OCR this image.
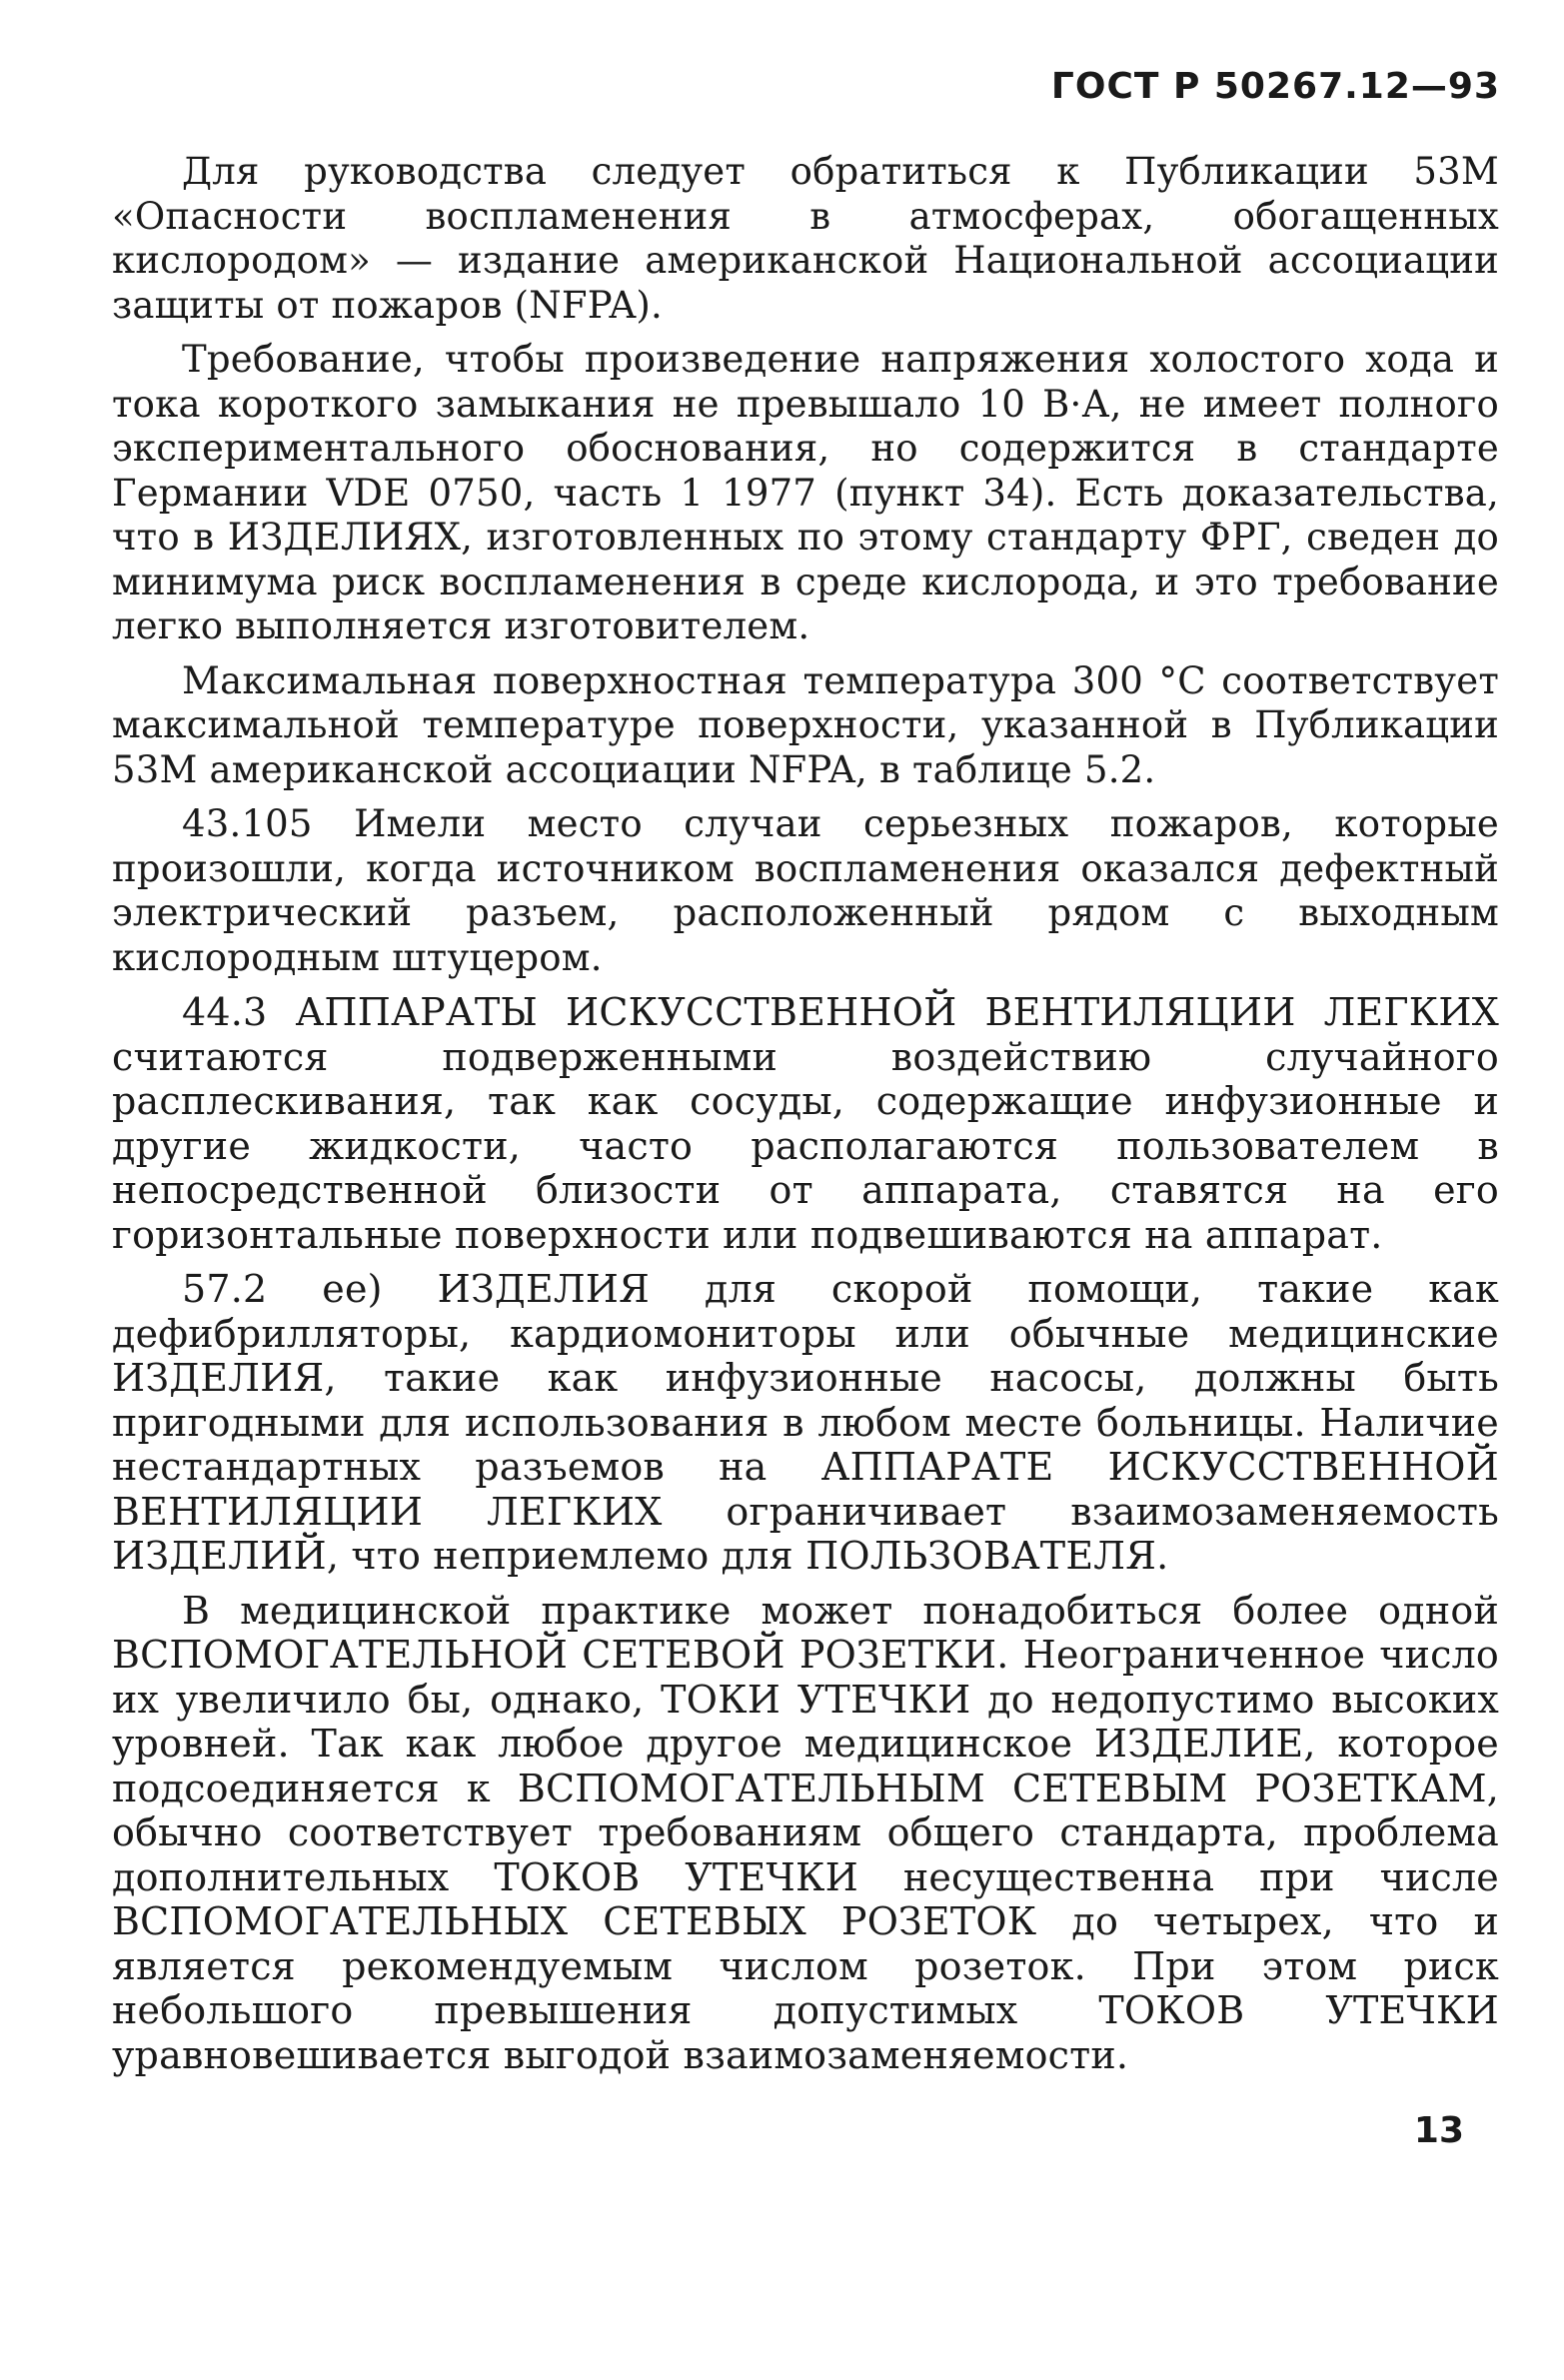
ГОСТ Р 50267.12—93

Для руководства следует обратиться к Публикации 53М «Опасности воспламенения в атмосферах, обогащенных кислородом» — издание американской Национальной ассоциации защиты от пожаров (NFPA).

Требование, чтобы произведение напряжения холостого хода и тока короткого замыкания не превышало 10 В·А, не имеет полного экспериментального обоснования, но содержится в стандарте Германии VDE 0750, часть 1 1977 (пункт 34). Есть доказательства, что в ИЗДЕЛИЯХ, изготовленных по этому стандарту ФРГ, сведен до минимума риск воспламенения в среде кислорода, и это требование легко выполняется изготовителем.

Максимальная поверхностная температура 300 °С соответствует максимальной температуре поверхности, указанной в Публикации 53М американской ассоциации NFPA, в таблице 5.2.

43.105 Имели место случаи серьезных пожаров, которые произошли, когда источником воспламенения оказался дефектный электрический разъем, расположенный рядом с выходным кислородным штуцером.

44.3 АППАРАТЫ ИСКУССТВЕННОЙ ВЕНТИЛЯЦИИ ЛЕГКИХ считаются подверженными воздействию случайного расплескивания, так как сосуды, содержащие инфузионные и другие жидкости, часто располагаются пользователем в непосредственной близости от аппарата, ставятся на его горизонтальные поверхности или подвешиваются на аппарат.

57.2 ее) ИЗДЕЛИЯ для скорой помощи, такие как дефибрилляторы, кардиомониторы или обычные медицинские ИЗДЕЛИЯ, такие как инфузионные насосы, должны быть пригодными для использования в любом месте больницы. Наличие нестандартных разъемов на АППАРАТЕ ИСКУССТВЕННОЙ ВЕНТИЛЯЦИИ ЛЕГКИХ ограничивает взаимозаменяемость ИЗДЕЛИЙ, что неприемлемо для ПОЛЬЗОВАТЕЛЯ.

В медицинской практике может понадобиться более одной ВСПОМОГАТЕЛЬНОЙ СЕТЕВОЙ РОЗЕТКИ. Неограниченное число их увеличило бы, однако, ТОКИ УТЕЧКИ до недопустимо высоких уровней. Так как любое другое медицинское ИЗДЕЛИЕ, которое подсоединяется к ВСПОМОГАТЕЛЬНЫМ СЕТЕВЫМ РОЗЕТКАМ, обычно соответствует требованиям общего стандарта, проблема дополнительных ТОКОВ УТЕЧКИ несущественна при числе ВСПОМОГАТЕЛЬНЫХ СЕТЕВЫХ РОЗЕТОК до четырех, что и является рекомендуемым числом розеток. При этом риск небольшого превышения допустимых ТОКОВ УТЕЧКИ уравновешивается выгодой взаимозаменяемости.

13
